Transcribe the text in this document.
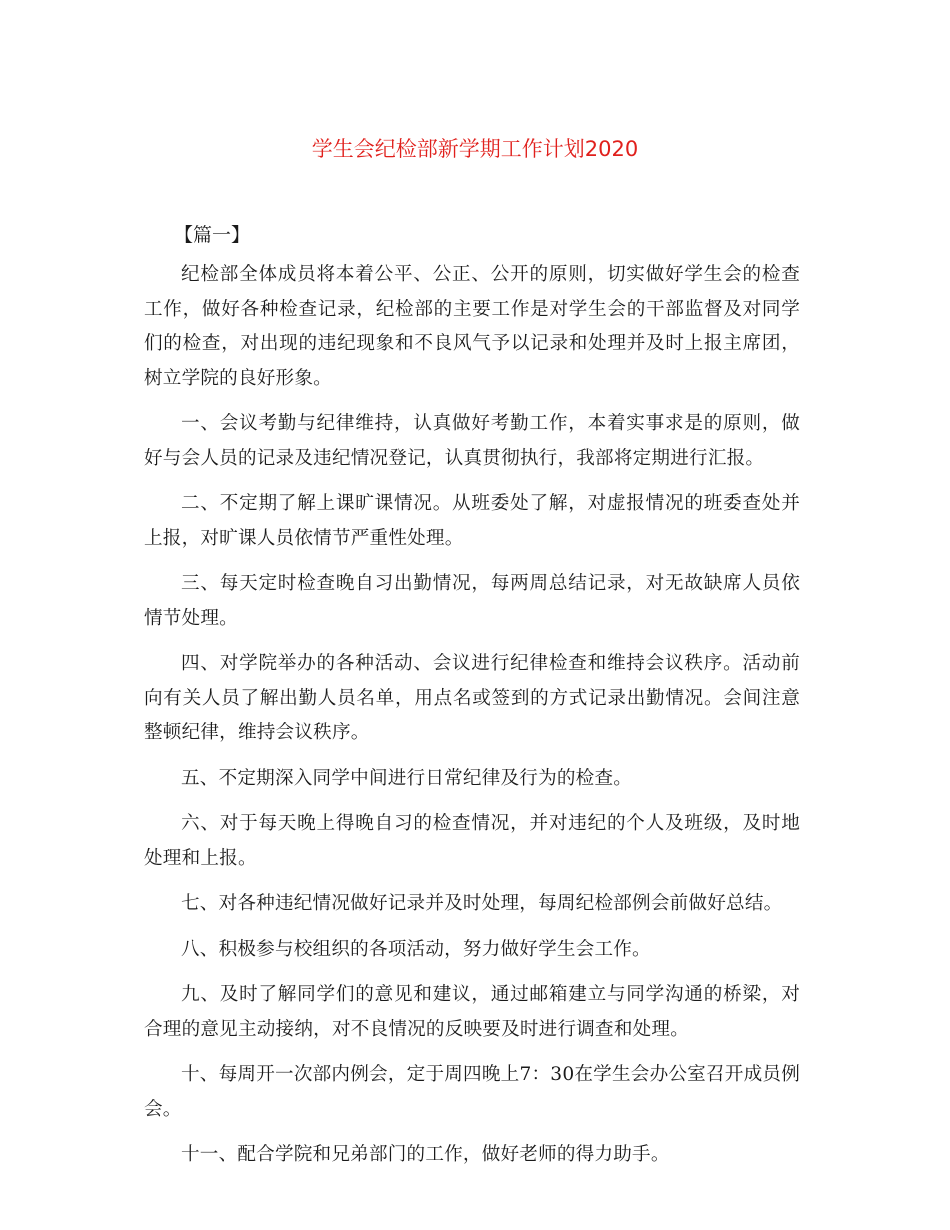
学生会纪检部新学期工作计划2020
【篇一】

纪检部全体成员将本着公平、公正、公开的原则，切实做好学生会的检查工作，做好各种检查记录，纪检部的主要工作是对学生会的干部监督及对同学们的检查，对出现的违纪现象和不良风气予以记录和处理并及时上报主席团，树立学院的良好形象。

一、会议考勤与纪律维持，认真做好考勤工作，本着实事求是的原则，做好与会人员的记录及违纪情况登记，认真贯彻执行，我部将定期进行汇报。

二、不定期了解上课旷课情况。从班委处了解，对虚报情况的班委查处并上报，对旷课人员依情节严重性处理。

三、每天定时检查晚自习出勤情况，每两周总结记录，对无故缺席人员依情节处理。

四、对学院举办的各种活动、会议进行纪律检查和维持会议秩序。活动前向有关人员了解出勤人员名单，用点名或签到的方式记录出勤情况。会间注意整顿纪律，维持会议秩序。

五、不定期深入同学中间进行日常纪律及行为的检查。

六、对于每天晚上得晚自习的检查情况，并对违纪的个人及班级，及时地处理和上报。

七、对各种违纪情况做好记录并及时处理，每周纪检部例会前做好总结。

八、积极参与校组织的各项活动，努力做好学生会工作。

九、及时了解同学们的意见和建议，通过邮箱建立与同学沟通的桥梁，对合理的意见主动接纳，对不良情况的反映要及时进行调查和处理。

十、每周开一次部内例会，定于周四晚上7：30在学生会办公室召开成员例会。

十一、配合学院和兄弟部门的工作，做好老师的得力助手。
